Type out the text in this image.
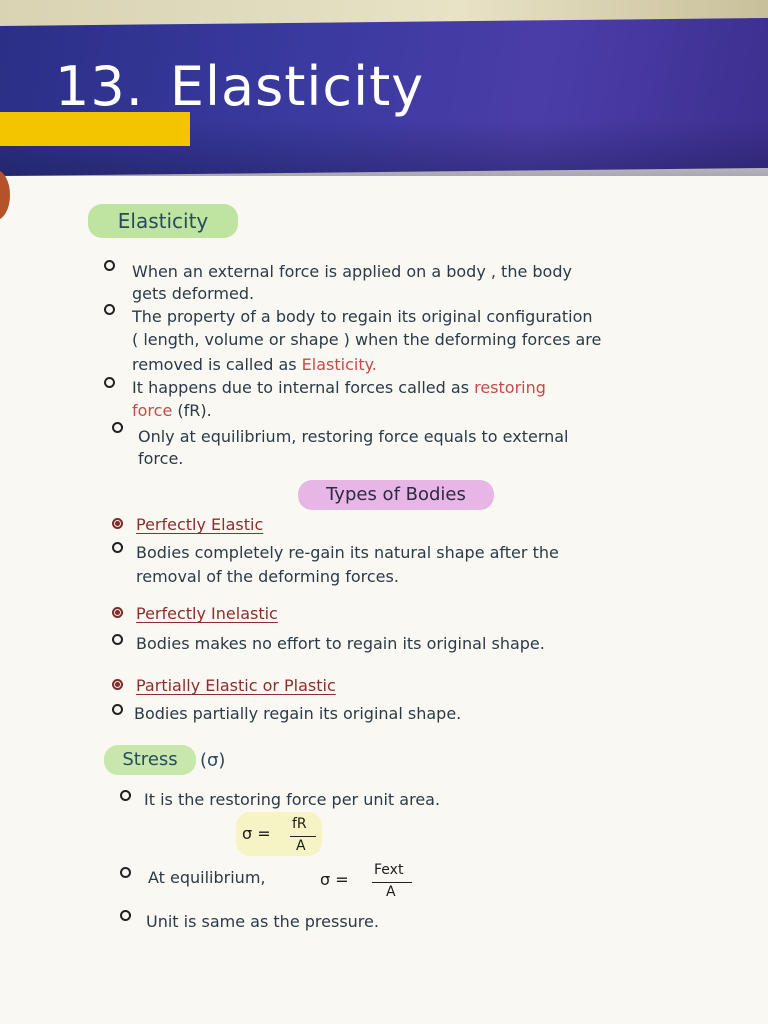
13. Elasticity
Elasticity
When an external force is applied on a body , the body
gets deformed.
The property of a body to regain its original configuration
( length, volume or shape ) when the deforming forces are
removed is called as Elasticity.
It happens due to internal forces called as restoring
force (fR).
Only at equilibrium, restoring force equals to external
force.
Types of Bodies
Perfectly Elastic
Bodies completely re-gain its natural shape after the
removal of the deforming forces.
Perfectly Inelastic
Bodies makes no effort to regain its original shape.
Partially Elastic or Plastic
Bodies partially regain its original shape.
Stress	(σ)
It is the restoring force per unit area.
σ = fR
A
At equilibrium,	σ = Fext
A
Unit is same as the pressure.
